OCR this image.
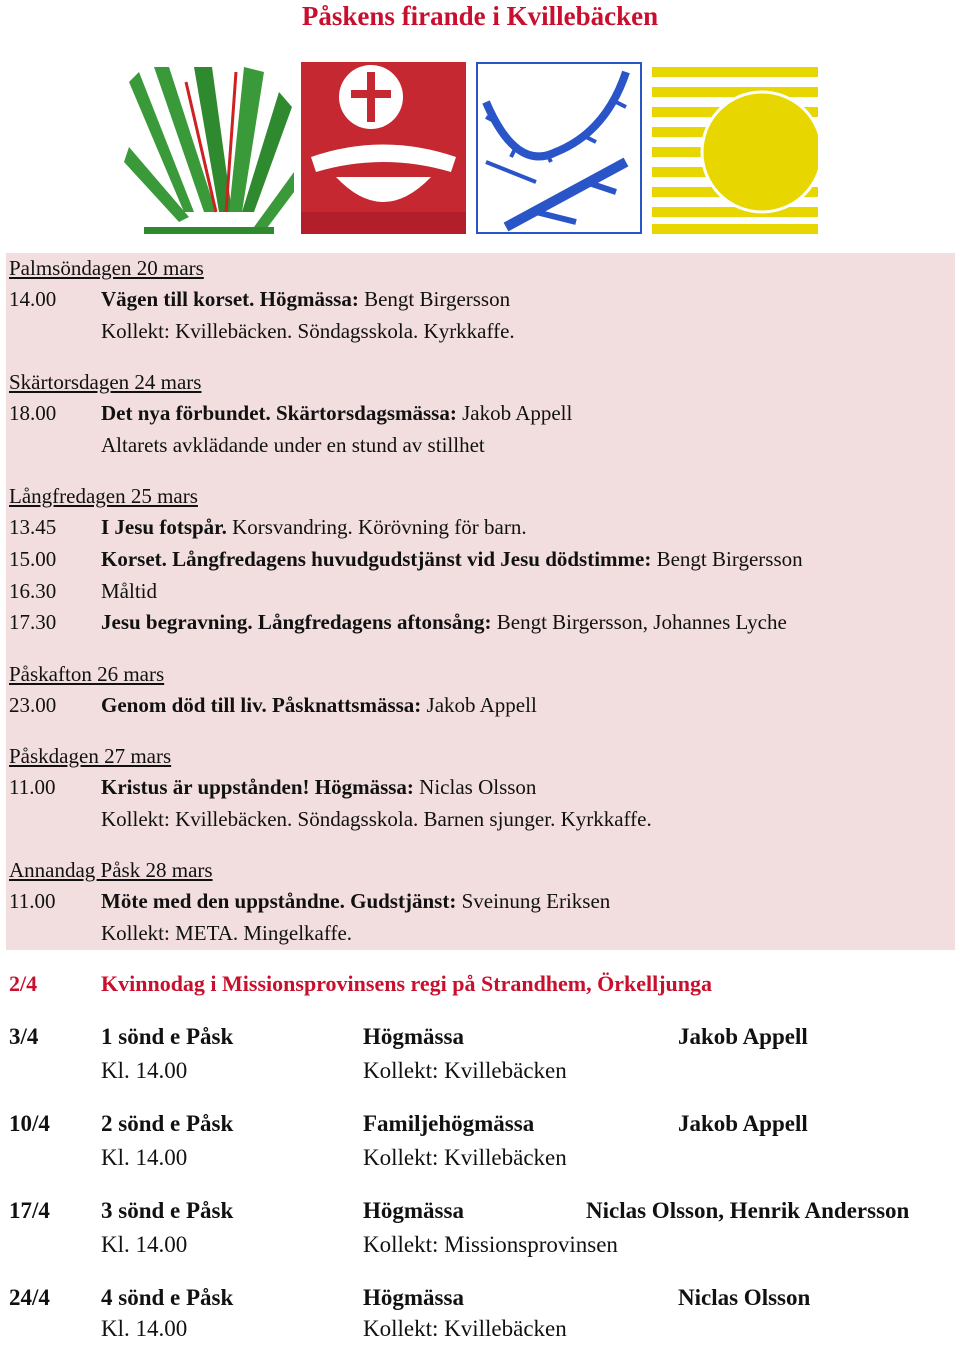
Påskens firande i Kvillebäcken
Palmsöndagen 20 mars
14.00 Vägen till korset. Högmässa: Bengt Birgersson
Kollekt: Kvillebäcken. Söndagsskola. Kyrkkaffe.
Skärtorsdagen 24 mars
18.00 Det nya förbundet. Skärtorsdagsmässa: Jakob Appell
Altarets avklädande under en stund av stillhet
Långfredagen 25 mars
13.45 I Jesu fotspår. Korsvandring. Körövning för barn.
15.00 Korset. Långfredagens huvudgudstjänst vid Jesu dödstimme: Bengt Birgersson
16.30 Måltid
17.30 Jesu begravning. Långfredagens aftonsång: Bengt Birgersson, Johannes Lyche
Påskafton 26 mars
23.00 Genom död till liv. Påsknattsmässa: Jakob Appell
Påskdagen 27 mars
11.00 Kristus är uppstånden! Högmässa: Niclas Olsson
Kollekt: Kvillebäcken. Söndagsskola. Barnen sjunger. Kyrkkaffe.
Annandag Påsk 28 mars
11.00 Möte med den uppståndne. Gudstjänst: Sveinung Eriksen
Kollekt: META. Mingelkaffe.
2/4	Kvinnodag i Missionsprovinsens regi på Strandhem, Örkelljunga
3/4	1 sönd e Påsk	Högmässa	Jakob Appell
Kl. 14.00	Kollekt: Kvillebäcken
10/4 2 sönd e Påsk	Familjehögmässa	Jakob Appell
Kl. 14.00	Kollekt: Kvillebäcken
17/4 3 sönd e Påsk	Högmässa	Niclas Olsson, Henrik Andersson
Kl. 14.00	Kollekt: Missionsprovinsen
24/4 4 sönd e Påsk	Högmässa	Niclas Olsson
Kl. 14.00	Kollekt: Kvillebäcken
